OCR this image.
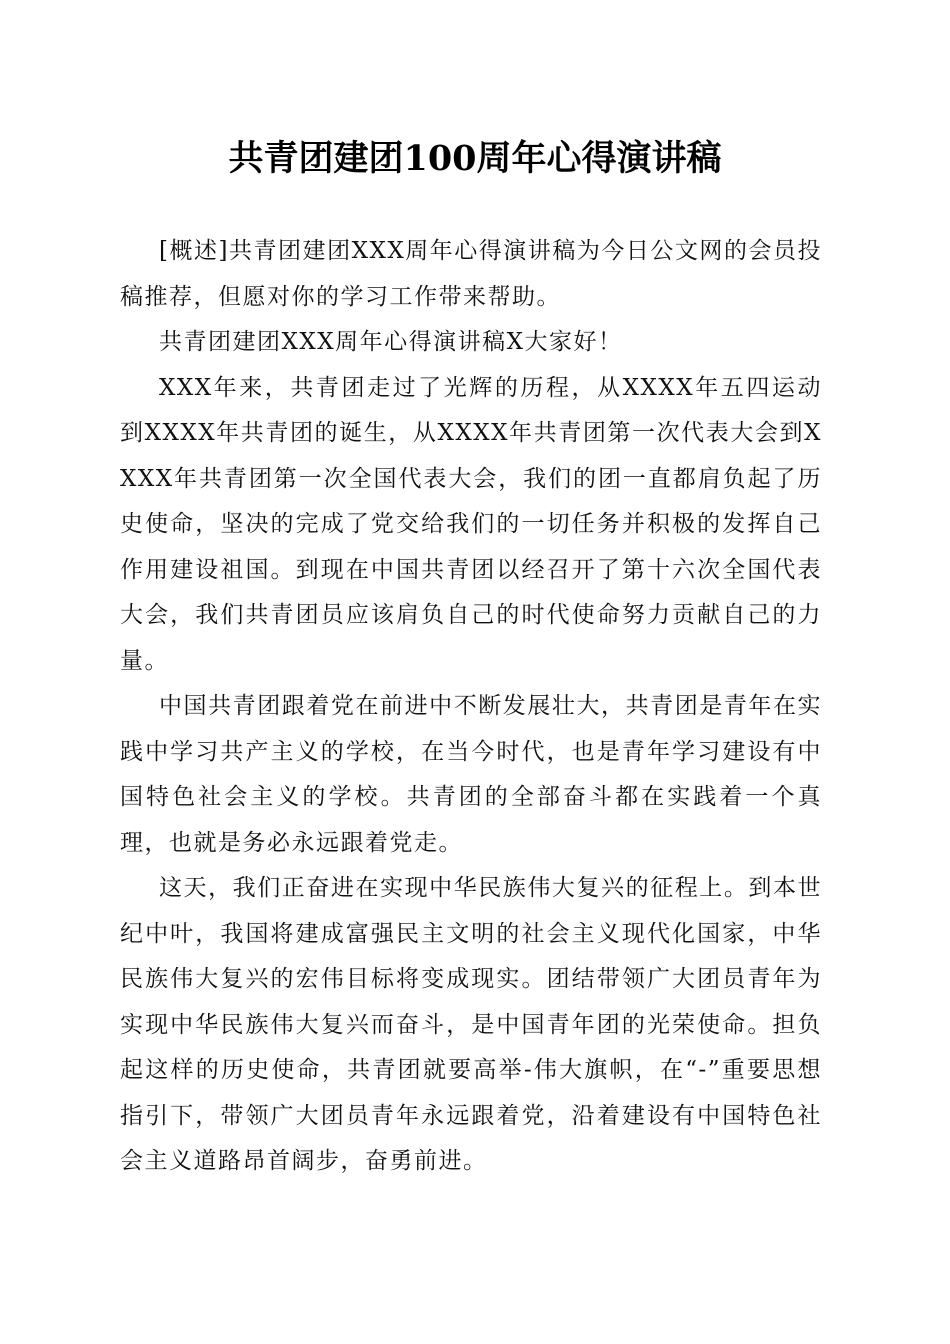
共青团建团100周年心得演讲稿

[概述]共青团建团XXX周年心得演讲稿为今日公文网的会员投稿推荐，但愿对你的学习工作带来帮助。

共青团建团XXX周年心得演讲稿X大家好！

XXX年来，共青团走过了光辉的历程，从XXXX年五四运动到XXXX年共青团的诞生，从XXXX年共青团第一次代表大会到XXXX年共青团第一次全国代表大会，我们的团一直都肩负起了历史使命，坚决的完成了党交给我们的一切任务并积极的发挥自己作用建设祖国。到现在中国共青团以经召开了第十六次全国代表大会，我们共青团员应该肩负自己的时代使命努力贡献自己的力量。

中国共青团跟着党在前进中不断发展壮大，共青团是青年在实践中学习共产主义的学校，在当今时代，也是青年学习建设有中国特色社会主义的学校。共青团的全部奋斗都在实践着一个真理，也就是务必永远跟着党走。

这天，我们正奋进在实现中华民族伟大复兴的征程上。到本世纪中叶，我国将建成富强民主文明的社会主义现代化国家，中华民族伟大复兴的宏伟目标将变成现实。团结带领广大团员青年为实现中华民族伟大复兴而奋斗，是中国青年团的光荣使命。担负起这样的历史使命，共青团就要高举-伟大旗帜，在“-”重要思想指引下，带领广大团员青年永远跟着党，沿着建设有中国特色社会主义道路昂首阔步，奋勇前进。
